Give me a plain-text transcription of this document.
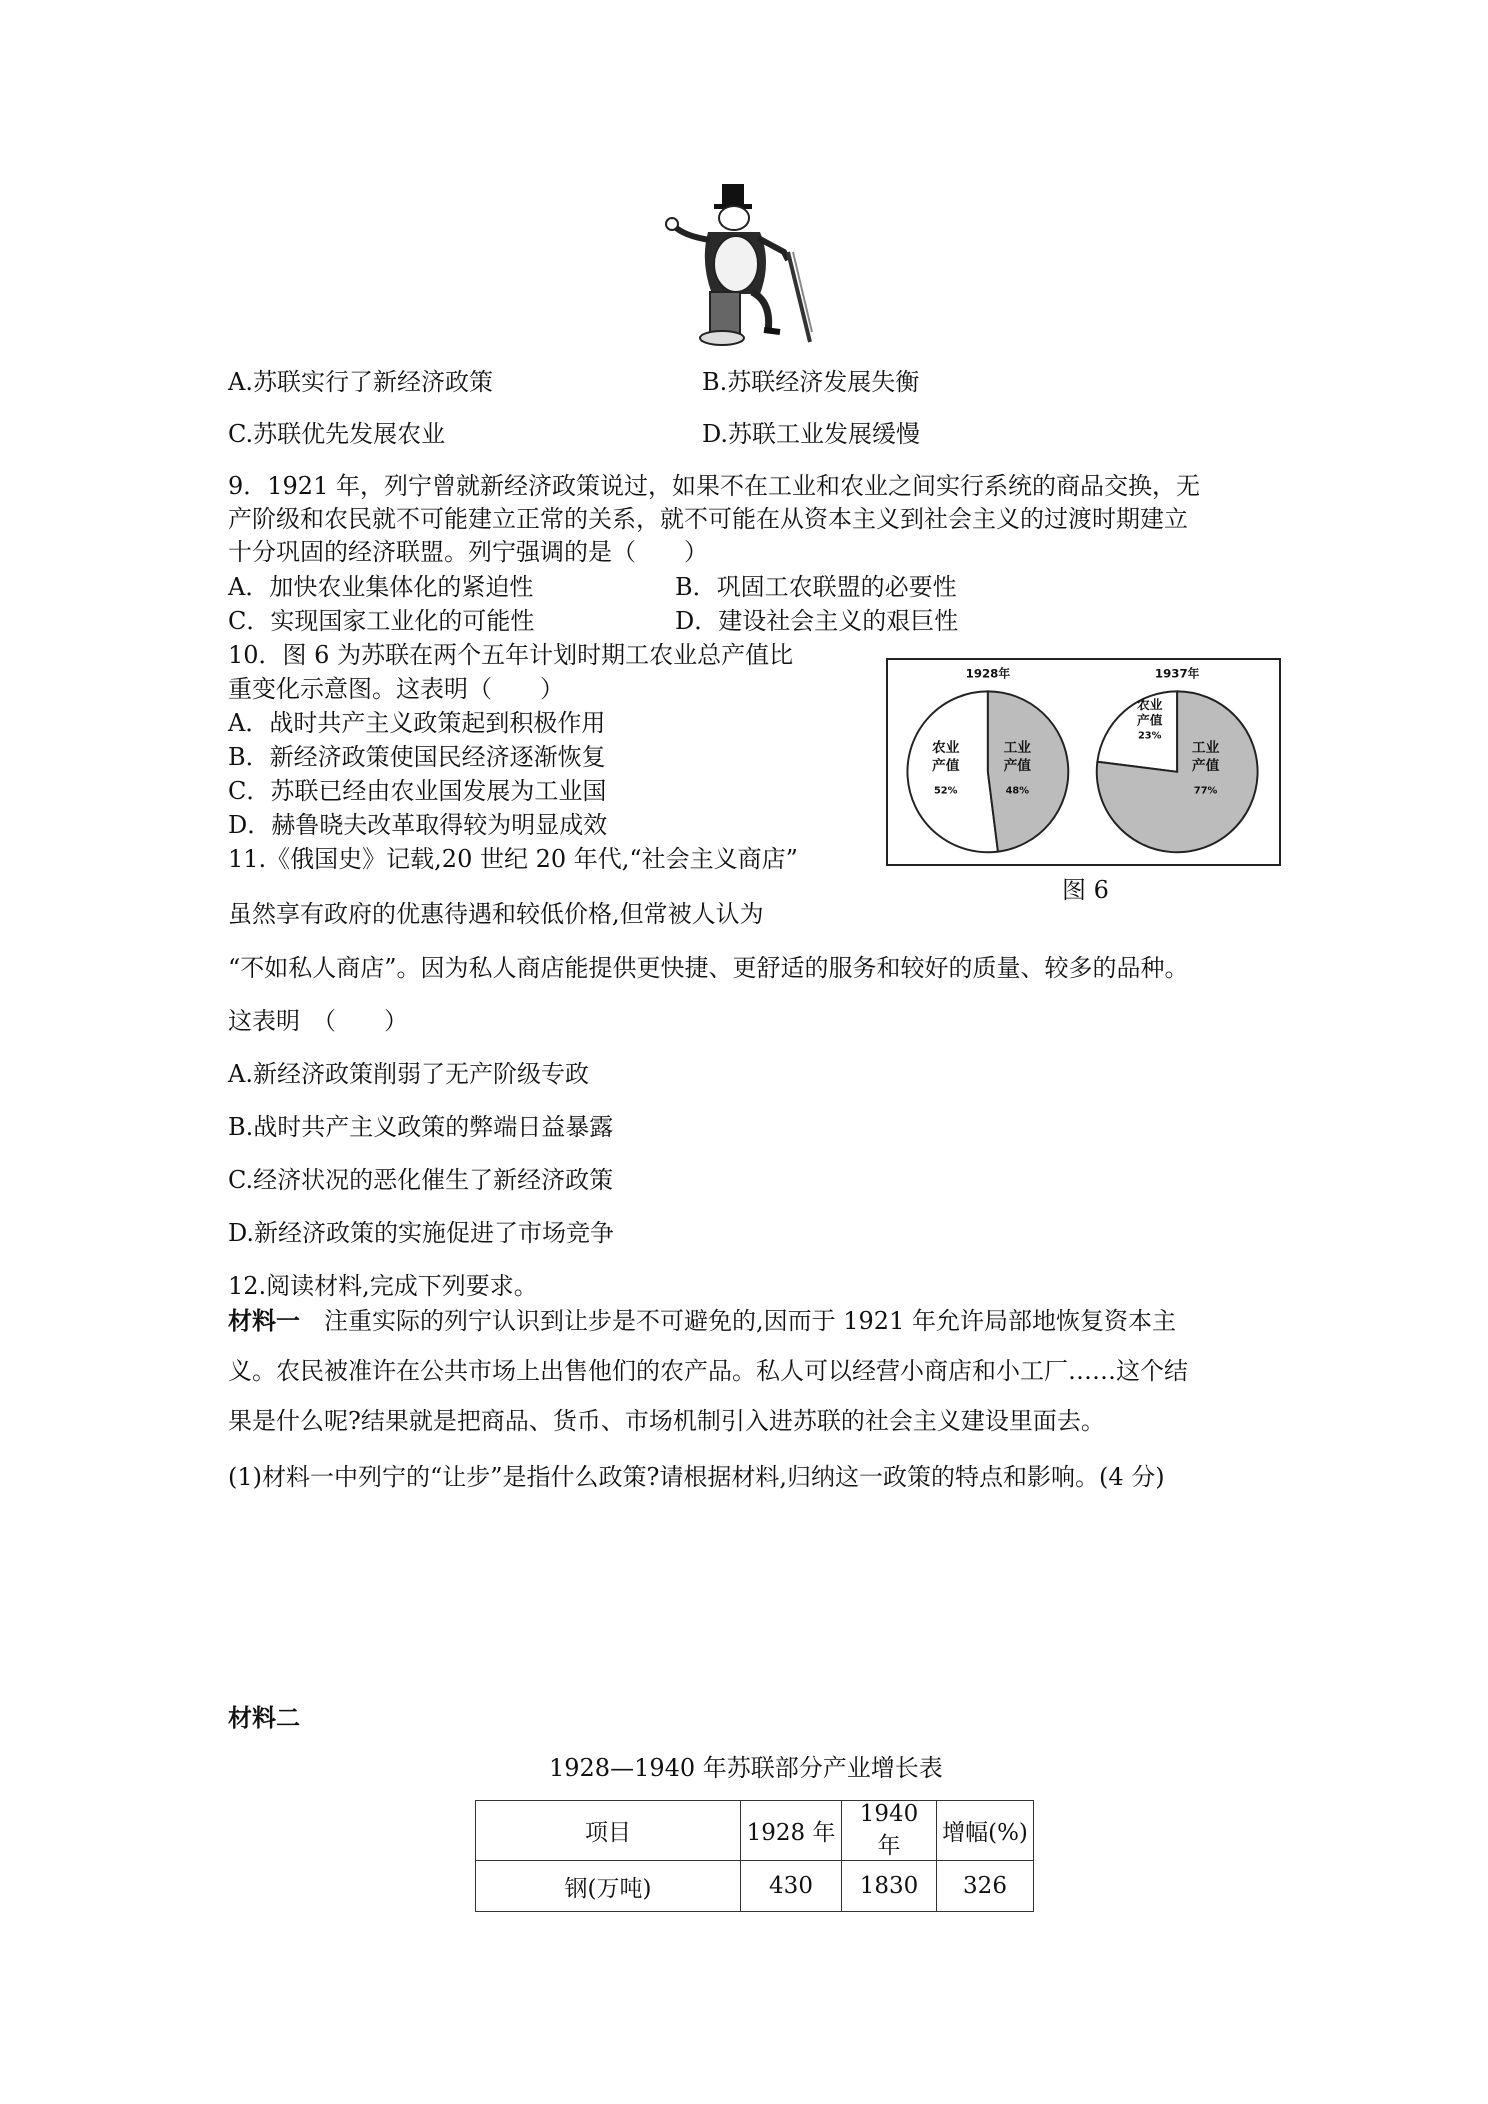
A.苏联实行了新经济政策	B.苏联经济发展失衡
C.苏联优先发展农业	D.苏联工业发展缓慢
9．1921 年，列宁曾就新经济政策说过，如果不在工业和农业之间实行系统的商品交换，无
产阶级和农民就不可能建立正常的关系，就不可能在从资本主义到社会主义的过渡时期建立
十分巩固的经济联盟。列宁强调的是（　　）
A．加快农业集体化的紧迫性	B．巩固工农联盟的必要性
C．实现国家工业化的可能性	D．建设社会主义的艰巨性
10．图 6 为苏联在两个五年计划时期工农业总产值比
重变化示意图。这表明（　　）
A．战时共产主义政策起到积极作用
B．新经济政策使国民经济逐渐恢复
C．苏联已经由农业国发展为工业国
D．赫鲁晓夫改革取得较为明显成效
1928年
农业
产值
52%
工业
产值
48%
1937年
农业
产值
23%
工业
产值
77%
图 6
11.《俄国史》记载,20 世纪 20 年代,“社会主义商店”
虽然享有政府的优惠待遇和较低价格,但常被人认为
“不如私人商店”。因为私人商店能提供更快捷、更舒适的服务和较好的质量、较多的品种。
这表明　（　　）
A.新经济政策削弱了无产阶级专政
B.战时共产主义政策的弊端日益暴露
C.经济状况的恶化催生了新经济政策
D.新经济政策的实施促进了市场竞争
12.阅读材料,完成下列要求。
材料一　注重实际的列宁认识到让步是不可避免的,因而于 1921 年允许局部地恢复资本主
义。农民被准许在公共市场上出售他们的农产品。私人可以经营小商店和小工厂……这个结
果是什么呢?结果就是把商品、货币、市场机制引入进苏联的社会主义建设里面去。
(1)材料一中列宁的“让步”是指什么政策?请根据材料,归纳这一政策的特点和影响。(4 分)
材料二
1928—1940 年苏联部分产业增长表
项目	1928 年	1940 年	增幅(%)
钢(万吨)	430	1830	326
